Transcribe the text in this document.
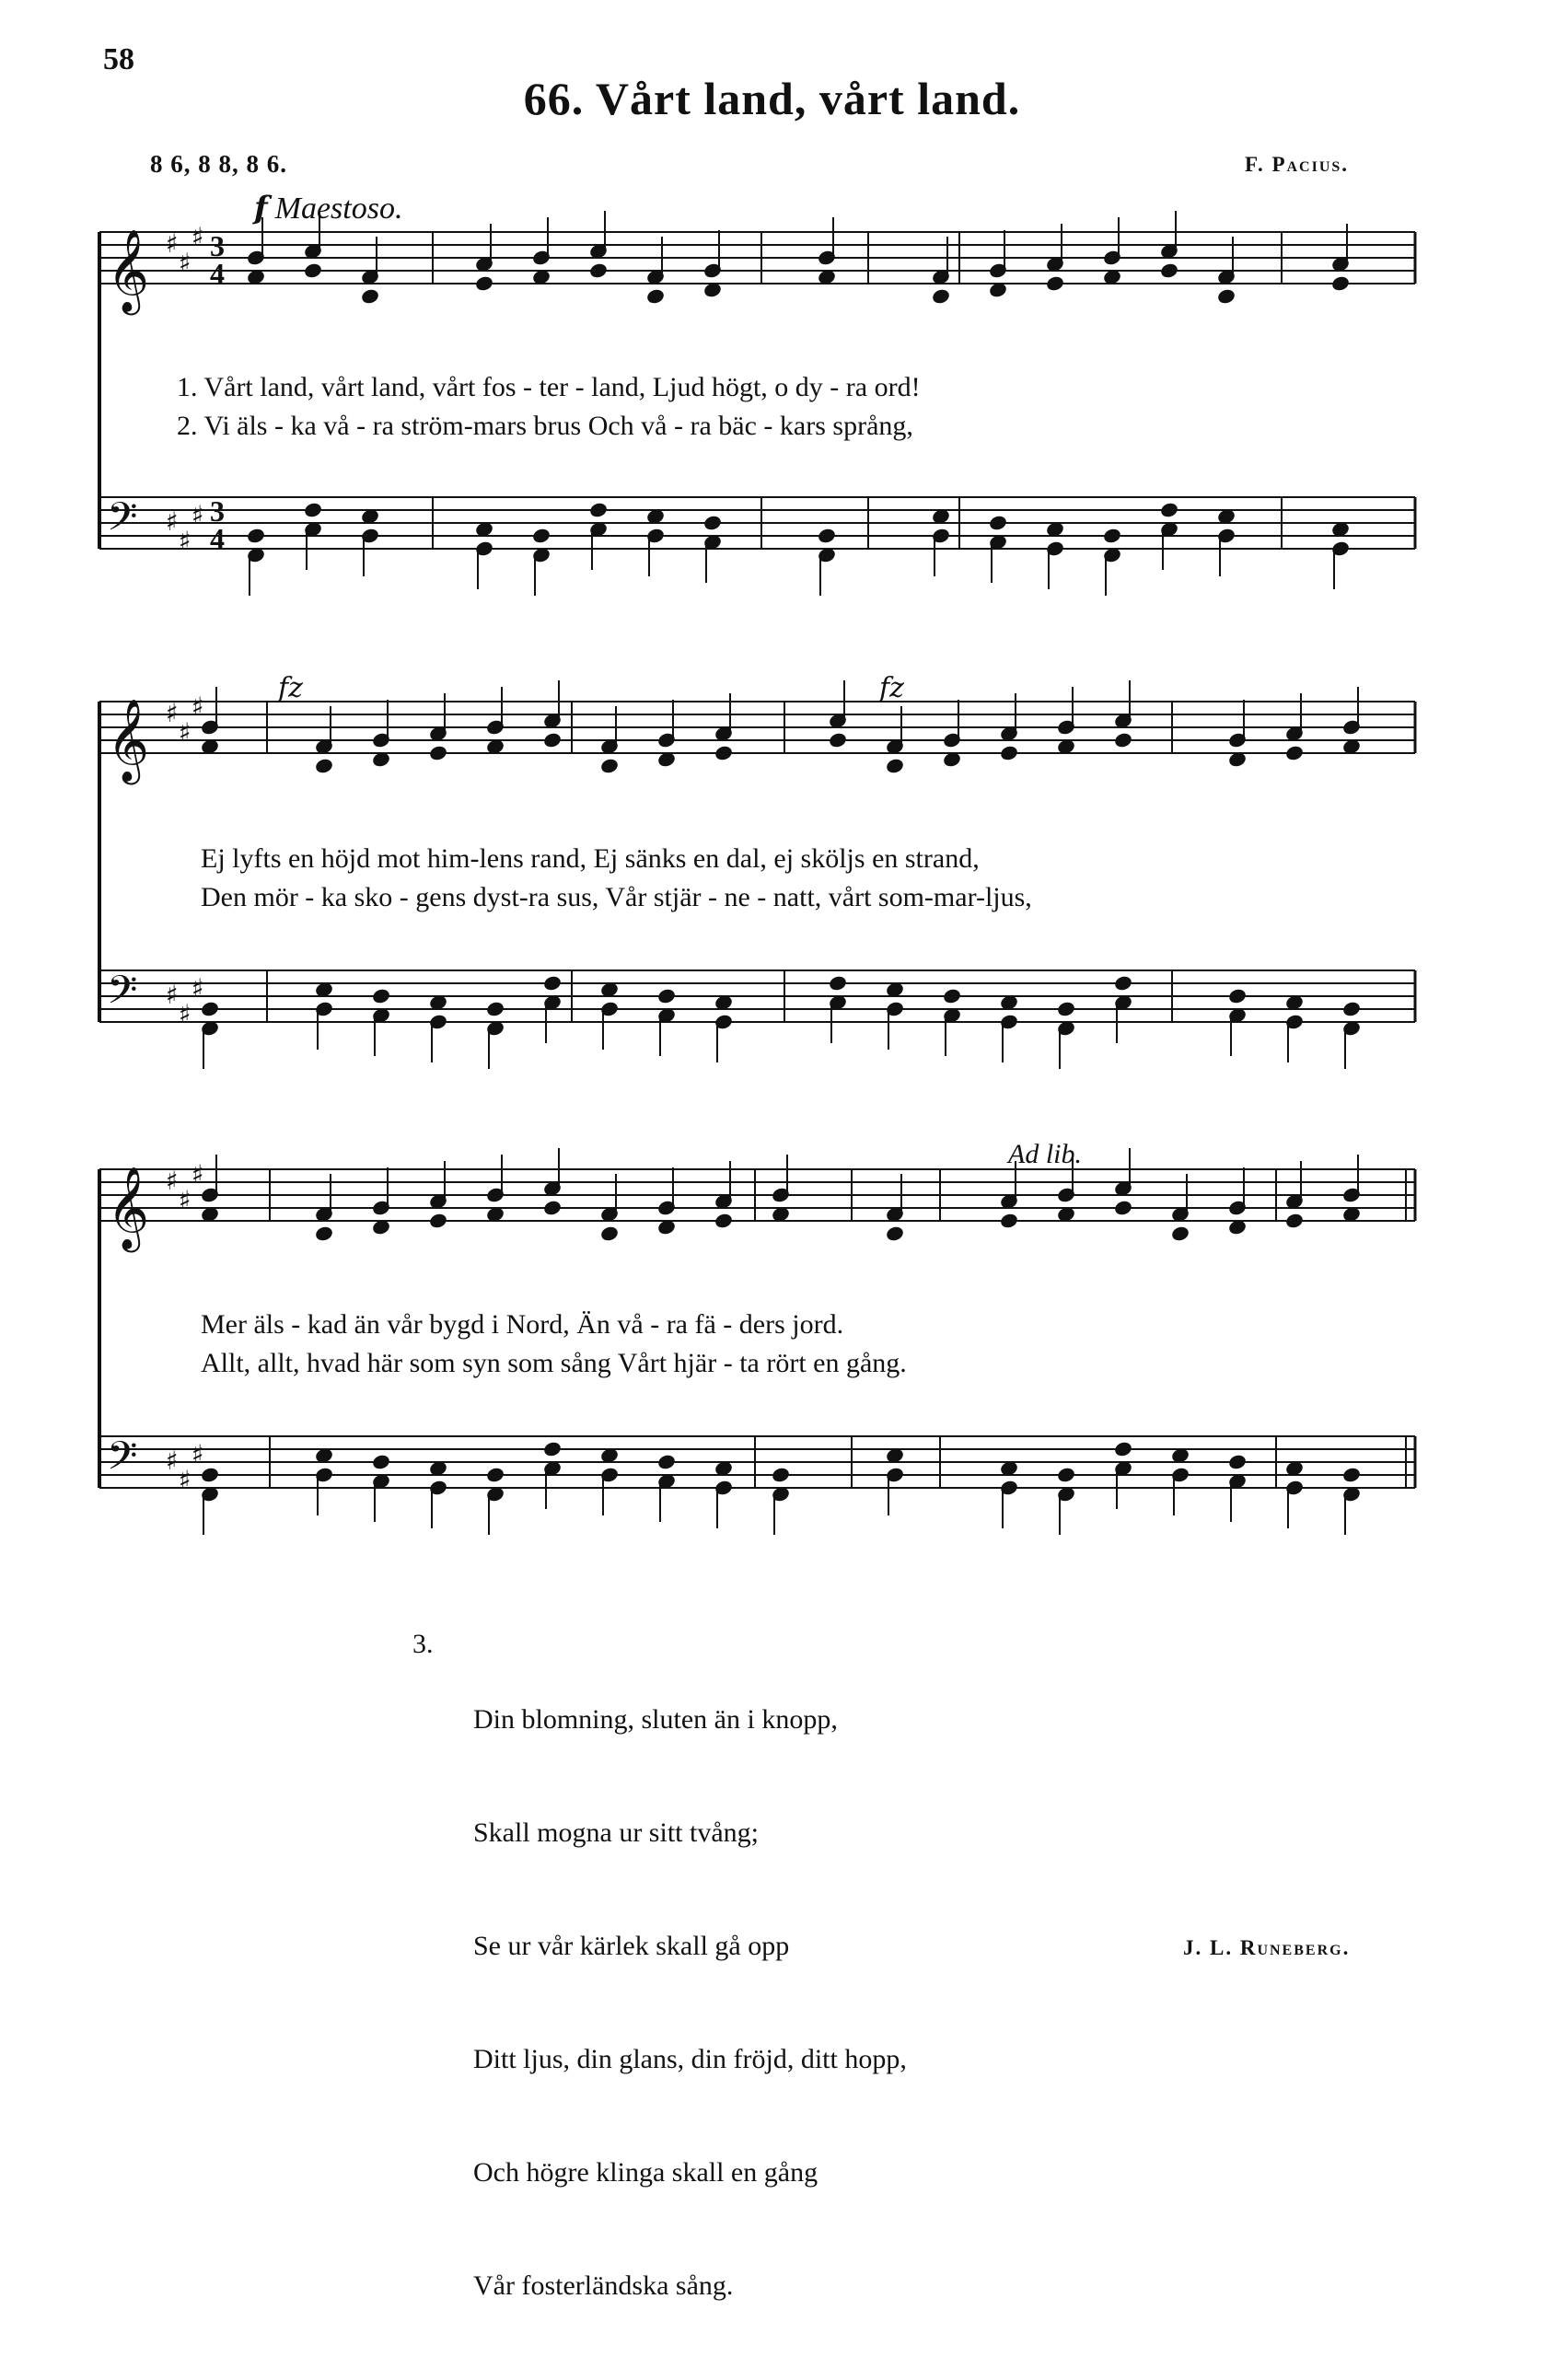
58
66. Vårt land, vårt land.
8 6, 8 8, 8 6.	F. Pacius.
f Maestoso.
𝄞
𝄢
♯
♯
♯
♯
♯
♯
3
4
3
4
𝄞
𝄢
♯
♯
♯
♯
♯
♯
𝄞
𝄢
♯
♯
♯
♯
♯
♯
fz	fz
Ad lib.
1. Vårt land, vårt land, vårt fos - ter - land, Ljud högt, o dy - ra ord!
2. Vi äls - ka vå - ra ström-mars brus Och vå - ra bäc - kars språng,
Ej lyfts en höjd mot him-lens rand, Ej sänks en dal, ej sköljs en strand,
Den mör - ka sko - gens dyst-ra sus, Vår stjär - ne - natt, vårt som-mar-ljus,
Mer äls - kad än vår bygd i Nord, Än vå - ra fä - ders jord.
Allt, allt, hvad här som syn som sång Vårt hjär - ta rört en gång.
3.

Din blomning, sluten än i knopp,

Skall mogna ur sitt tvång;

Se ur vår kärlek skall gå opp

Ditt ljus, din glans, din fröjd, ditt hopp,

Och högre klinga skall en gång

Vår fosterländska sång.

J. L. Runeberg.
